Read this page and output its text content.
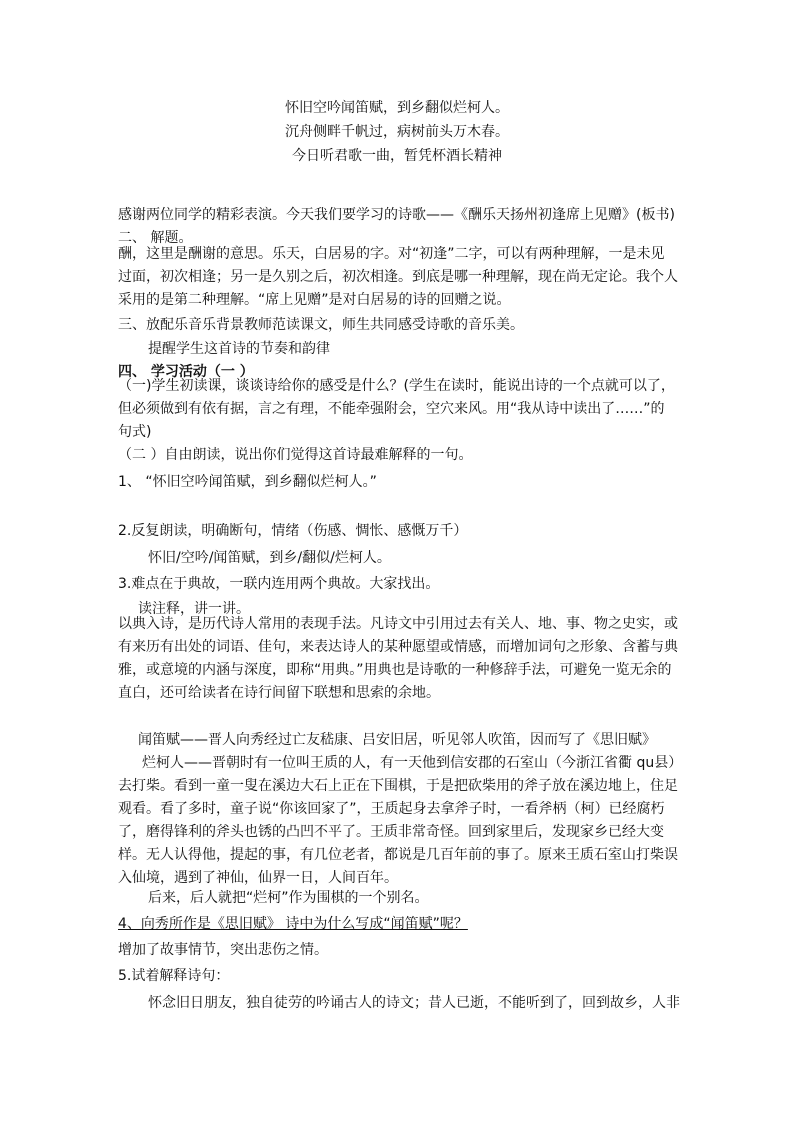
怀旧空吟闻笛赋，到乡翻似烂柯人。
沉舟侧畔千帆过，病树前头万木春。
今日听君歌一曲，暂凭杯酒长精神
感谢两位同学的精彩表演。今天我们要学习的诗歌——《酬乐天扬州初逢席上见赠》(板书)
二、 解题。
酬，这里是酬谢的意思。乐天，白居易的字。对“初逢”二字，可以有两种理解，一是未见过面，初次相逢；另一是久别之后，初次相逢。到底是哪一种理解，现在尚无定论。我个人采用的是第二种理解。“席上见赠”是对白居易的诗的回赠之说。
三、放配乐音乐背景教师范读课文，师生共同感受诗歌的音乐美。
提醒学生这首诗的节奏和韵律
四、 学习活动（一 ）
（一)学生初读课，谈谈诗给你的感受是什么？(学生在读时，能说出诗的一个点就可以了，但必须做到有依有据，言之有理，不能牵强附会，空穴来风。用“我从诗中读出了……”的句式)
（二 ）自由朗读，说出你们觉得这首诗最难解释的一句。
1、 “怀旧空吟闻笛赋，到乡翻似烂柯人。”
2.反复朗读，明确断句，情绪（伤感、惆怅、感慨万千）
怀旧/空吟/闻笛赋，到乡/翻似/烂柯人。
3.难点在于典故，一联内连用两个典故。大家找出。
读注释，讲一讲。
以典入诗，是历代诗人常用的表现手法。凡诗文中引用过去有关人、地、事、物之史实，或有来历有出处的词语、佳句，来表达诗人的某种愿望或情感，而增加词句之形象、含蓄与典雅，或意境的内涵与深度，即称“用典。”用典也是诗歌的一种修辞手法，可避免一览无余的直白，还可给读者在诗行间留下联想和思索的余地。
闻笛赋——晋人向秀经过亡友嵇康、吕安旧居，听见邻人吹笛，因而写了《思旧赋》
烂柯人——晋朝时有一位叫王质的人，有一天他到信安郡的石室山（今浙江省衢 qu县）去打柴。看到一童一叟在溪边大石上正在下围棋，于是把砍柴用的斧子放在溪边地上，住足观看。看了多时，童子说“你该回家了”，王质起身去拿斧子时，一看斧柄（柯）已经腐朽了，磨得锋利的斧头也锈的凸凹不平了。王质非常奇怪。回到家里后，发现家乡已经大变样。无人认得他，提起的事，有几位老者，都说是几百年前的事了。原来王质石室山打柴误入仙境，遇到了神仙，仙界一日，人间百年。
后来，后人就把“烂柯”作为围棋的一个别名。
4、向秀所作是《思旧赋》 诗中为什么写成“闻笛赋”呢？
增加了故事情节，突出悲伤之情。
5.试着解释诗句：
怀念旧日朋友，独自徒劳的吟诵古人的诗文；昔人已逝，不能听到了，回到故乡，人非
